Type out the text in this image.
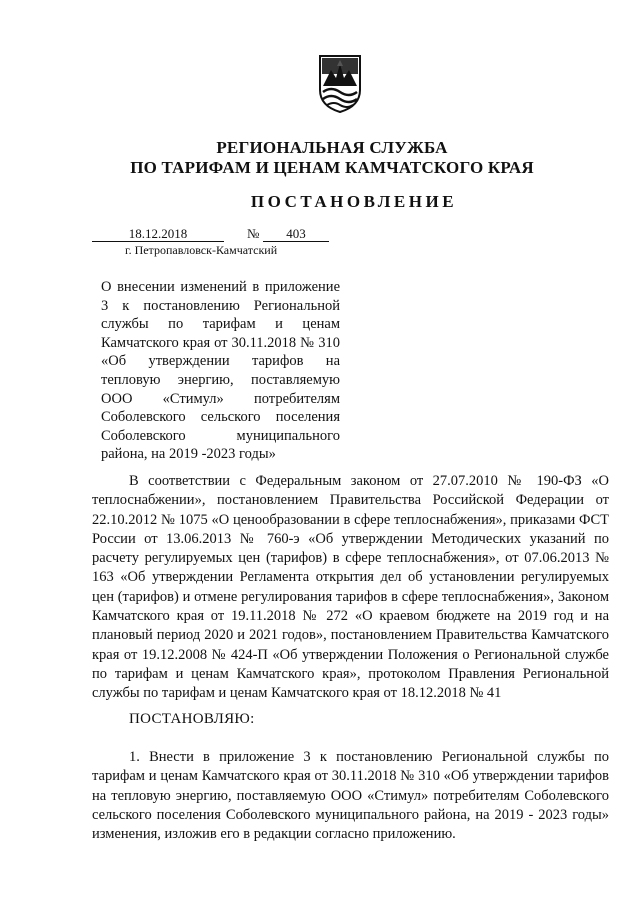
РЕГИОНАЛЬНАЯ СЛУЖБА
ПО ТАРИФАМ И ЦЕНАМ КАМЧАТСКОГО КРАЯ
ПОСТАНОВЛЕНИЕ
18.12.2018	№	403
г. Петропавловск-Камчатский

О внесении изменений в приложение 3 к постановлению Региональной службы по тарифам и ценам Камчатского края от 30.11.2018 № 310 «Об утверждении тарифов на тепловую энергию, поставляемую ООО «Стимул» потребителям Соболевского сельского поселения Соболевского муниципального района, на 2019 -2023 годы»

В соответствии с Федеральным законом от 27.07.2010 № 190-ФЗ «О теплоснабжении», постановлением Правительства Российской Федерации от 22.10.2012 № 1075 «О ценообразовании в сфере теплоснабжения», приказами ФСТ России от 13.06.2013 № 760-э «Об утверждении Методических указаний по расчету регулируемых цен (тарифов) в сфере теплоснабжения», от 07.06.2013 № 163 «Об утверждении Регламента открытия дел об установлении регулируемых цен (тарифов) и отмене регулирования тарифов в сфере теплоснабжения», Законом Камчатского края от 19.11.2018 № 272 «О краевом бюджете на 2019 год и на плановый период 2020 и 2021 годов», постановлением Правительства Камчатского края от 19.12.2008 № 424-П «Об утверждении Положения о Региональной службе по тарифам и ценам Камчатского края», протоколом Правления Региональной службы по тарифам и ценам Камчатского края от 18.12.2018 № 41

ПОСТАНОВЛЯЮ:

1. Внести в приложение 3 к постановлению Региональной службы по тарифам и ценам Камчатского края от 30.11.2018 № 310 «Об утверждении тарифов на тепловую энергию, поставляемую ООО «Стимул» потребителям Соболевского сельского поселения Соболевского муниципального района, на 2019 - 2023 годы» изменения, изложив его в редакции согласно приложению.
